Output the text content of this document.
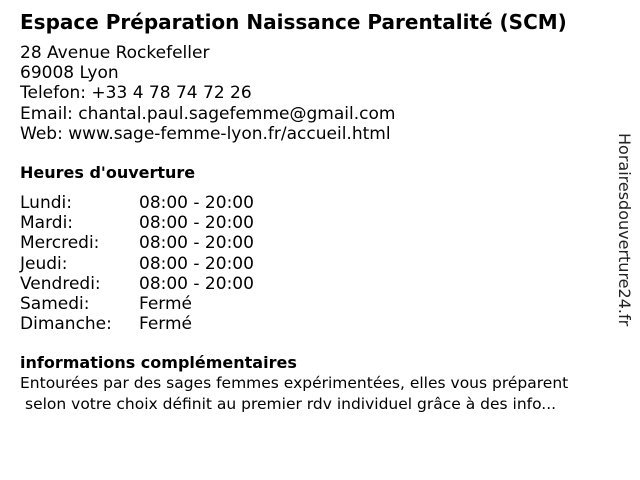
Espace Préparation Naissance Parentalité (SCM)
28 Avenue Rockefeller
69008 Lyon
Telefon: +33 4 78 74 72 26
Email: chantal.paul.sagefemme@gmail.com
Web: www.sage-femme-lyon.fr/accueil.html
Heures d'ouverture
Lundi:	08:00 - 20:00
Mardi:	08:00 - 20:00
Mercredi: 08:00 - 20:00
Jeudi:	08:00 - 20:00
Vendredi: 08:00 - 20:00
Samedi:	Fermé
Dimanche: Fermé
informations complémentaires
Entourées par des sages femmes expérimentées, elles vous préparent
selon votre choix définit au premier rdv individuel grâce à des info...
Horairesdouverture24.fr
